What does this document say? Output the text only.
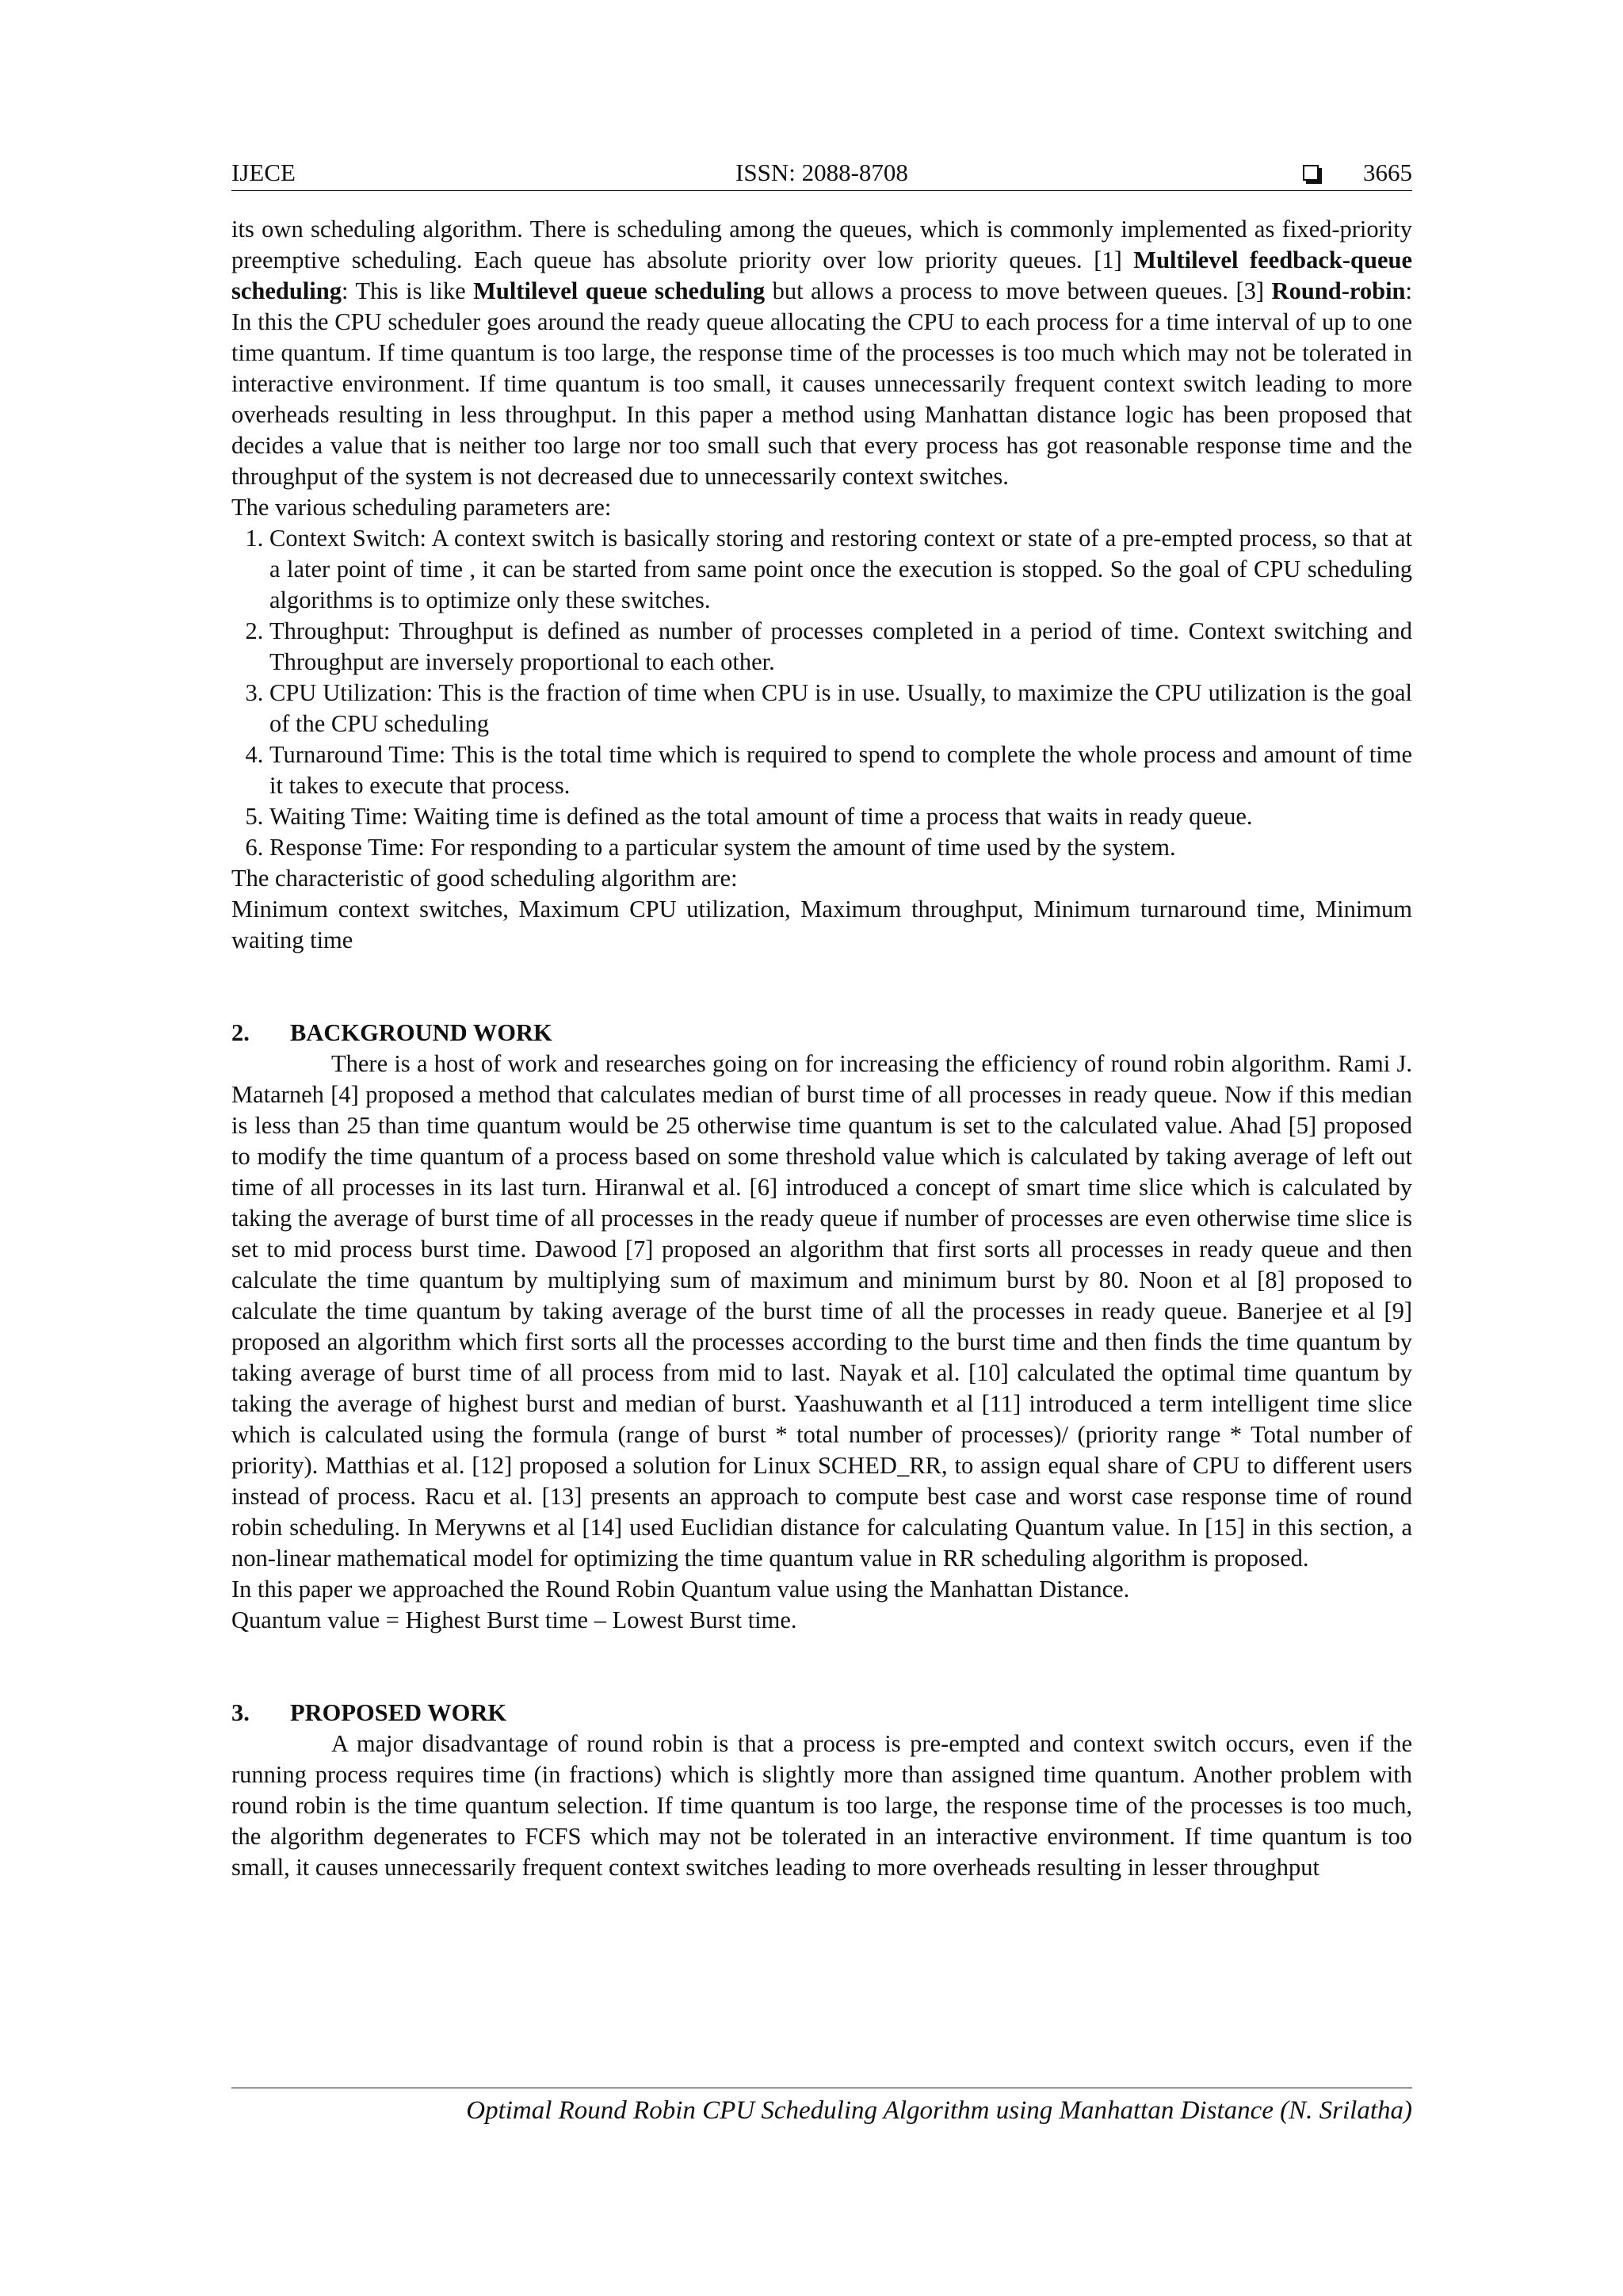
IJECE	ISSN: 2088-8708	3665

its own scheduling algorithm. There is scheduling among the queues, which is commonly implemented as fixed-priority preemptive scheduling. Each queue has absolute priority over low priority queues. [1] Multilevel feedback-queue scheduling: This is like Multilevel queue scheduling but allows a process to move between queues. [3] Round-robin: In this the CPU scheduler goes around the ready queue allocating the CPU to each process for a time interval of up to one time quantum. If time quantum is too large, the response time of the processes is too much which may not be tolerated in interactive environment. If time quantum is too small, it causes unnecessarily frequent context switch leading to more overheads resulting in less throughput. In this paper a method using Manhattan distance logic has been proposed that decides a value that is neither too large nor too small such that every process has got reasonable response time and the throughput of the system is not decreased due to unnecessarily context switches.

The various scheduling parameters are:

1. Context Switch: A context switch is basically storing and restoring context or state of a pre-empted process, so that at a later point of time , it can be started from same point once the execution is stopped. So the goal of CPU scheduling algorithms is to optimize only these switches.
2. Throughput: Throughput is defined as number of processes completed in a period of time. Context switching and Throughput are inversely proportional to each other.
3. CPU Utilization: This is the fraction of time when CPU is in use. Usually, to maximize the CPU utilization is the goal of the CPU scheduling
4. Turnaround Time: This is the total time which is required to spend to complete the whole process and amount of time it takes to execute that process.
5. Waiting Time: Waiting time is defined as the total amount of time a process that waits in ready queue.
6. Response Time: For responding to a particular system the amount of time used by the system.

The characteristic of good scheduling algorithm are:

Minimum context switches, Maximum CPU utilization, Maximum throughput, Minimum turnaround time, Minimum waiting time

2. BACKGROUND WORK

There is a host of work and researches going on for increasing the efficiency of round robin algorithm. Rami J. Matarneh [4] proposed a method that calculates median of burst time of all processes in ready queue. Now if this median is less than 25 than time quantum would be 25 otherwise time quantum is set to the calculated value. Ahad [5] proposed to modify the time quantum of a process based on some threshold value which is calculated by taking average of left out time of all processes in its last turn. Hiranwal et al. [6] introduced a concept of smart time slice which is calculated by taking the average of burst time of all processes in the ready queue if number of processes are even otherwise time slice is set to mid process burst time. Dawood [7] proposed an algorithm that first sorts all processes in ready queue and then calculate the time quantum by multiplying sum of maximum and minimum burst by 80. Noon et al [8] proposed to calculate the time quantum by taking average of the burst time of all the processes in ready queue. Banerjee et al [9] proposed an algorithm which first sorts all the processes according to the burst time and then finds the time quantum by taking average of burst time of all process from mid to last. Nayak et al. [10] calculated the optimal time quantum by taking the average of highest burst and median of burst. Yaashuwanth et al [11] introduced a term intelligent time slice which is calculated using the formula (range of burst * total number of processes)/ (priority range * Total number of priority). Matthias et al. [12] proposed a solution for Linux SCHED_RR, to assign equal share of CPU to different users instead of process. Racu et al. [13] presents an approach to compute best case and worst case response time of round robin scheduling. In Merywns et al [14] used Euclidian distance for calculating Quantum value. In [15] in this section, a non-linear mathematical model for optimizing the time quantum value in RR scheduling algorithm is proposed.

In this paper we approached the Round Robin Quantum value using the Manhattan Distance.

Quantum value = Highest Burst time – Lowest Burst time.

3. PROPOSED WORK

A major disadvantage of round robin is that a process is pre-empted and context switch occurs, even if the running process requires time (in fractions) which is slightly more than assigned time quantum. Another problem with round robin is the time quantum selection. If time quantum is too large, the response time of the processes is too much, the algorithm degenerates to FCFS which may not be tolerated in an interactive environment. If time quantum is too small, it causes unnecessarily frequent context switches leading to more overheads resulting in lesser throughput

Optimal Round Robin CPU Scheduling Algorithm using Manhattan Distance (N. Srilatha)
